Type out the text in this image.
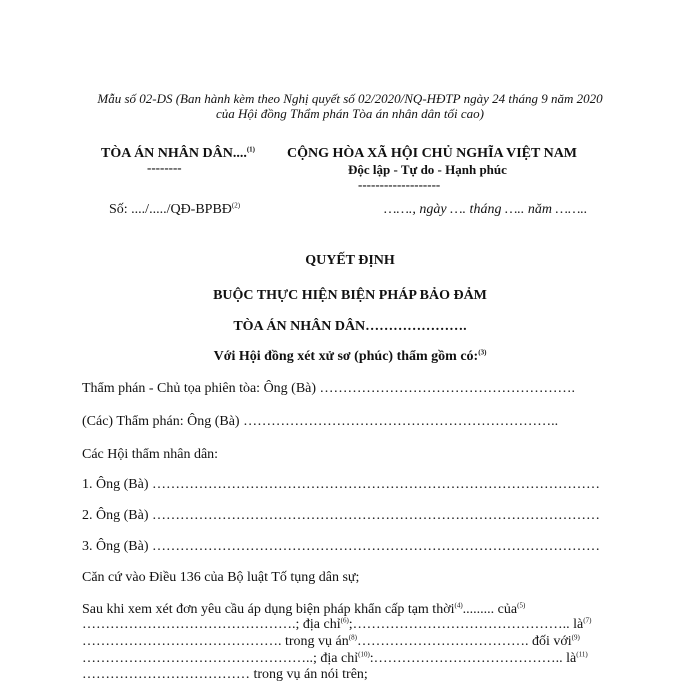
Mẫu số 02-DS (Ban hành kèm theo Nghị quyết số 02/2020/NQ-HĐTP ngày 24 tháng 9 năm 2020
của Hội đồng Thẩm phán Tòa án nhân dân tối cao)
TÒA ÁN NHÂN DÂN....$^{(1)}$
--------
Số: ..../...../QĐ-BPBĐ$^{(2)}$
CỘNG HÒA XÃ HỘI CHỦ NGHĨA VIỆT NAM
Độc lập - Tự do - Hạnh phúc
-------------------
……., ngày …. tháng ….. năm ……..
QUYẾT ĐỊNH
BUỘC THỰC HIỆN BIỆN PHÁP BẢO ĐẢM
TÒA ÁN NHÂN DÂN………………….
Với Hội đồng xét xử sơ (phúc) thẩm gồm có:$^{(3)}$
Thẩm phán - Chủ tọa phiên tòa: Ông (Bà) ……………………………………………….
(Các) Thẩm phán: Ông (Bà) …………………………………………………………..
Các Hội thẩm nhân dân:
1. Ông (Bà) ……………………………………………………………………………………
2. Ông (Bà) ……………………………………………………………………………………
3. Ông (Bà) ……………………………………………………………………………………
Căn cứ vào Điều 136 của Bộ luật Tố tụng dân sự;
Sau khi xem xét đơn yêu cầu áp dụng biện pháp khẩn cấp tạm thời$^{(4)}$......... của$^{(5)}$
……………………………………….; địa chỉ$^{(6)}$;……………………………………….. $là^{(7)}$
……………………………………. trong vụ $án^{(8)}\dots\dots\dots\dots\dots\dots\dots\dots\dots\dots\dots\dots$. đối với$^{(9)}$
…………………………………………..; địa chỉ$^{(10)}$:………………………………….. $là^{(11)}$
……………………………… trong vụ án nói trên;
